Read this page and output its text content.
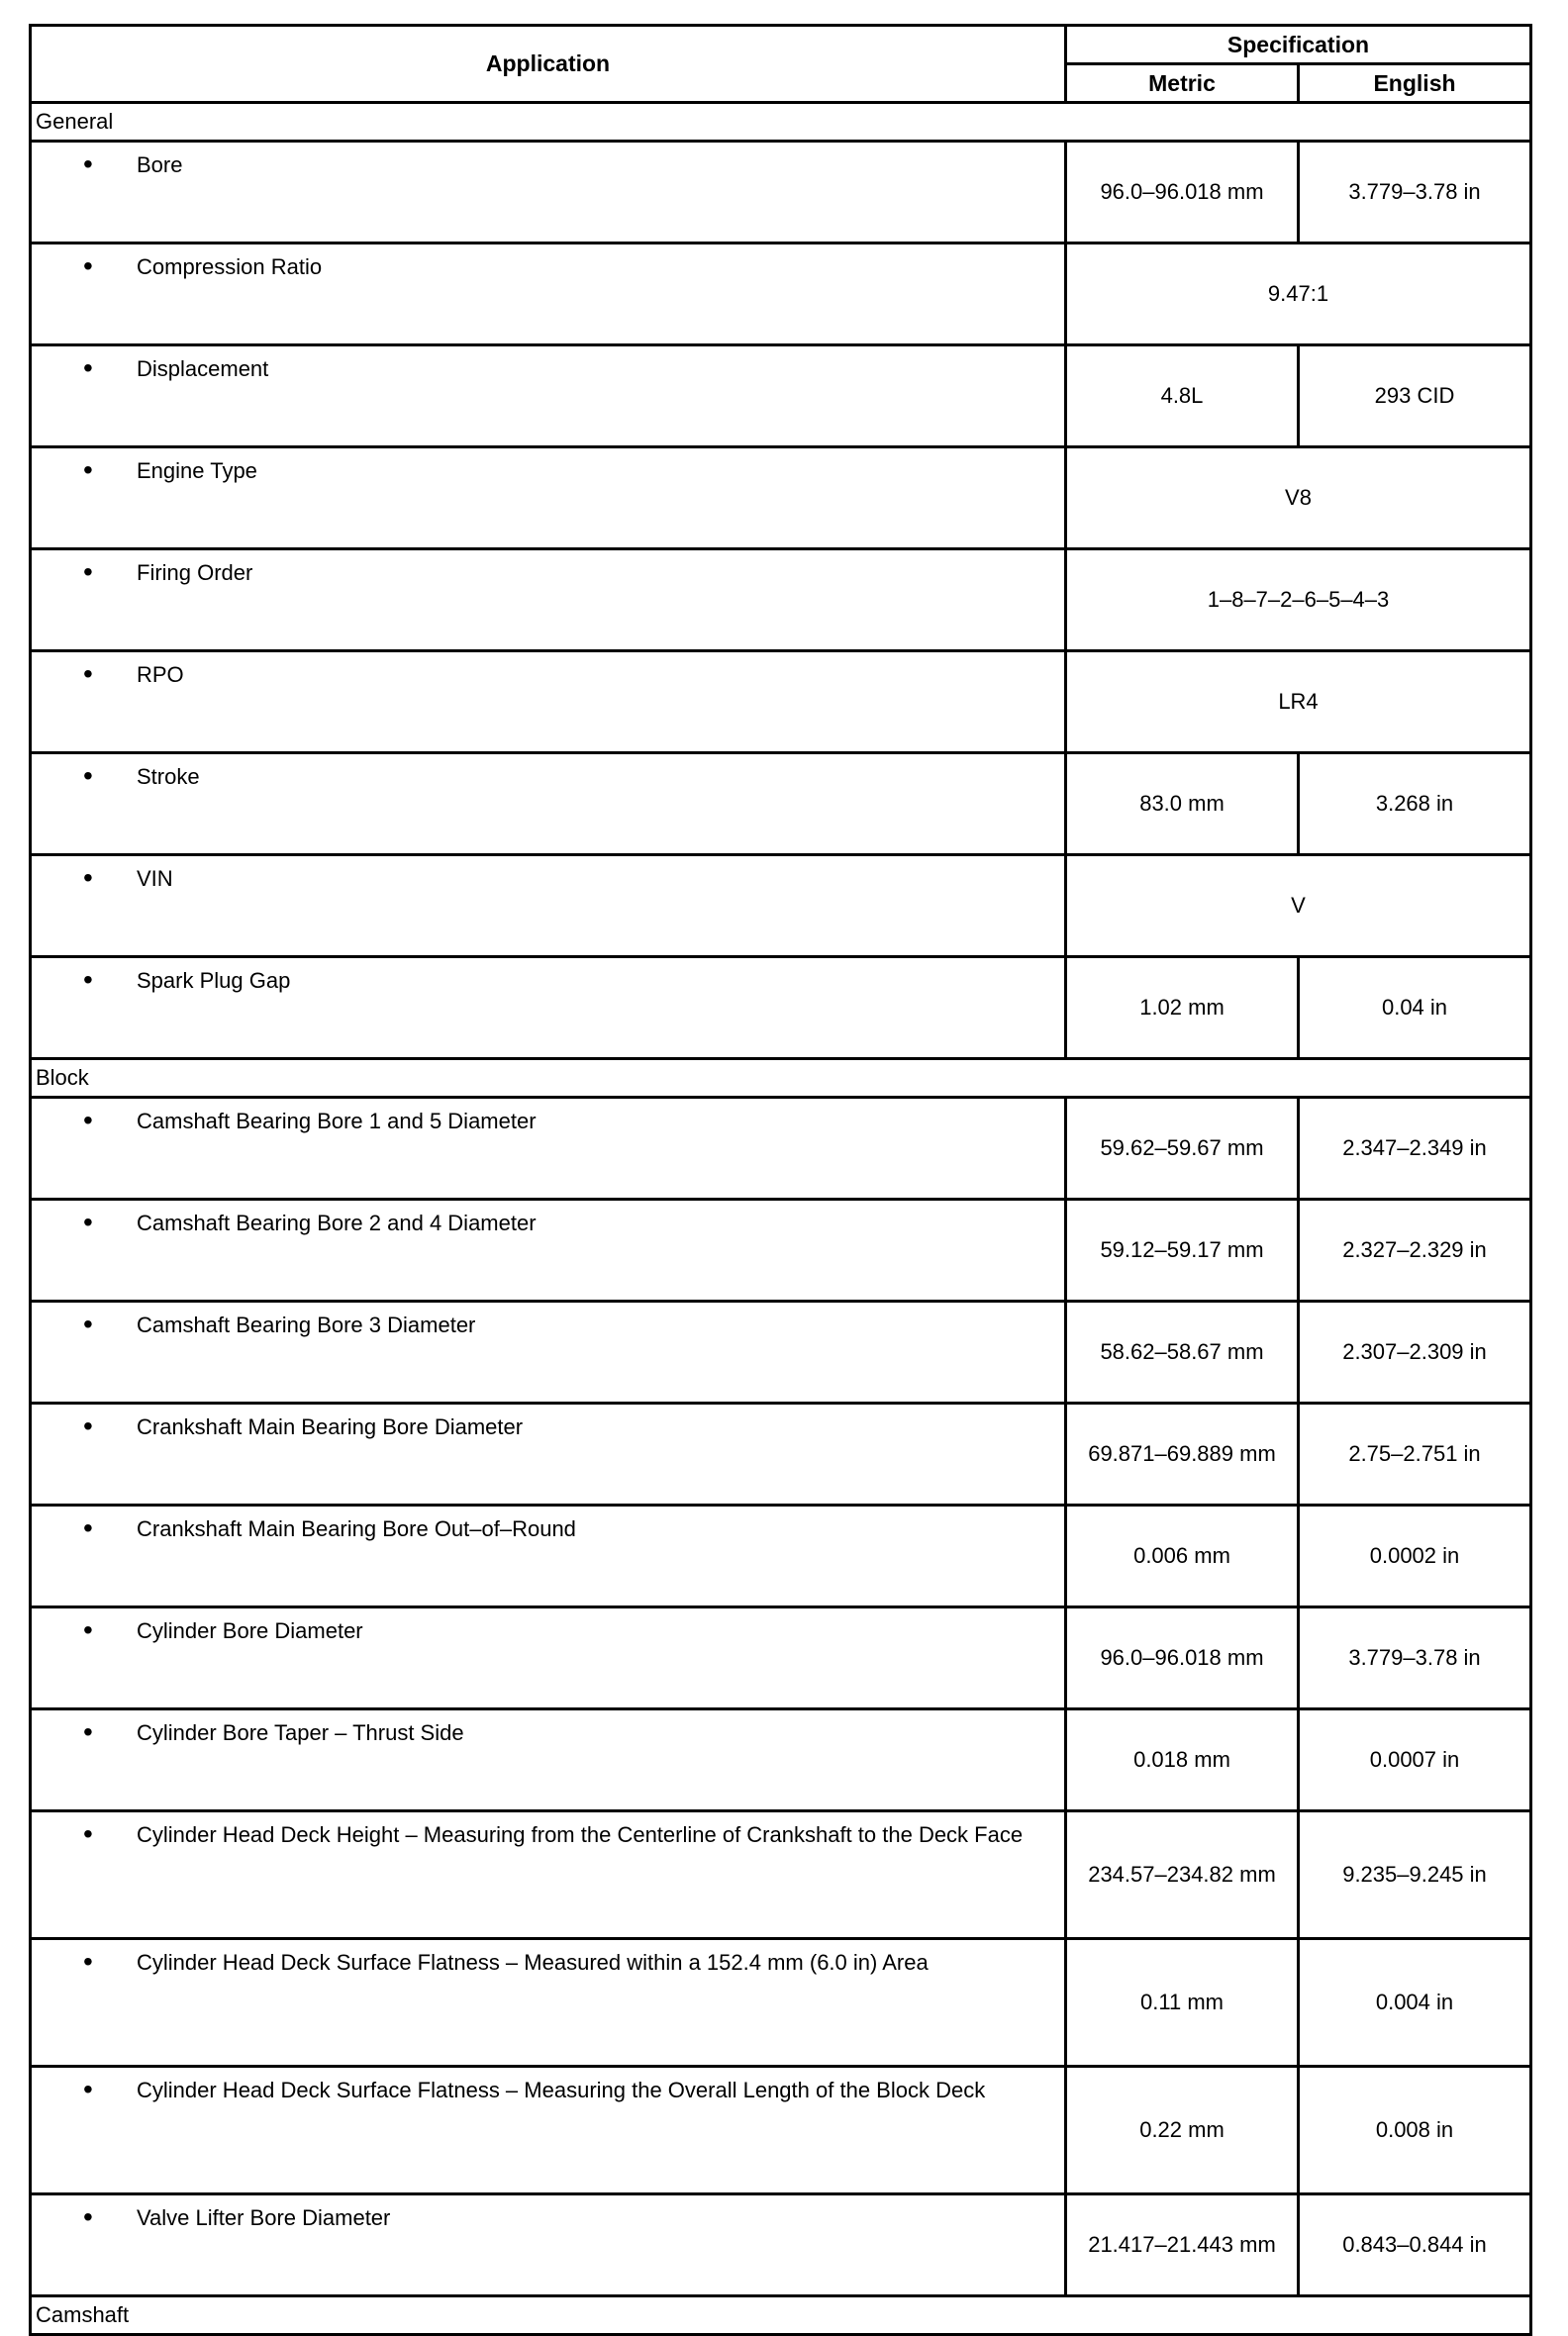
Application	Specification	
	Metric	English
General		

• Bore	96.0–96.018 mm	3.779–3.78 in

• Compression Ratio	9.47:1	

• Displacement	4.8L	293 CID

• Engine Type	V8	

• Firing Order	1–8–7–2–6–5–4–3	

• RPO	LR4	

• Stroke	83.0 mm	3.268 in

• VIN	V	

• Spark Plug Gap	1.02 mm	0.04 in
Block		

• Camshaft Bearing Bore 1 and 5 Diameter	59.62–59.67 mm	2.347–2.349 in

• Camshaft Bearing Bore 2 and 4 Diameter	59.12–59.17 mm	2.327–2.329 in

• Camshaft Bearing Bore 3 Diameter	58.62–58.67 mm	2.307–2.309 in

• Crankshaft Main Bearing Bore Diameter	69.871–69.889 mm	2.75–2.751 in

• Crankshaft Main Bearing Bore Out–of–Round	0.006 mm	0.0002 in

• Cylinder Bore Diameter	96.0–96.018 mm	3.779–3.78 in

• Cylinder Bore Taper – Thrust Side	0.018 mm	0.0007 in

• Cylinder Head Deck Height – Measuring from the Centerline of Crankshaft to the Deck Face	234.57–234.82 mm	9.235–9.245 in

• Cylinder Head Deck Surface Flatness – Measured within a 152.4 mm (6.0 in) Area	0.11 mm	0.004 in

• Cylinder Head Deck Surface Flatness – Measuring the Overall Length of the Block Deck	0.22 mm	0.008 in

• Valve Lifter Bore Diameter	21.417–21.443 mm	0.843–0.844 in
Camshaft		
